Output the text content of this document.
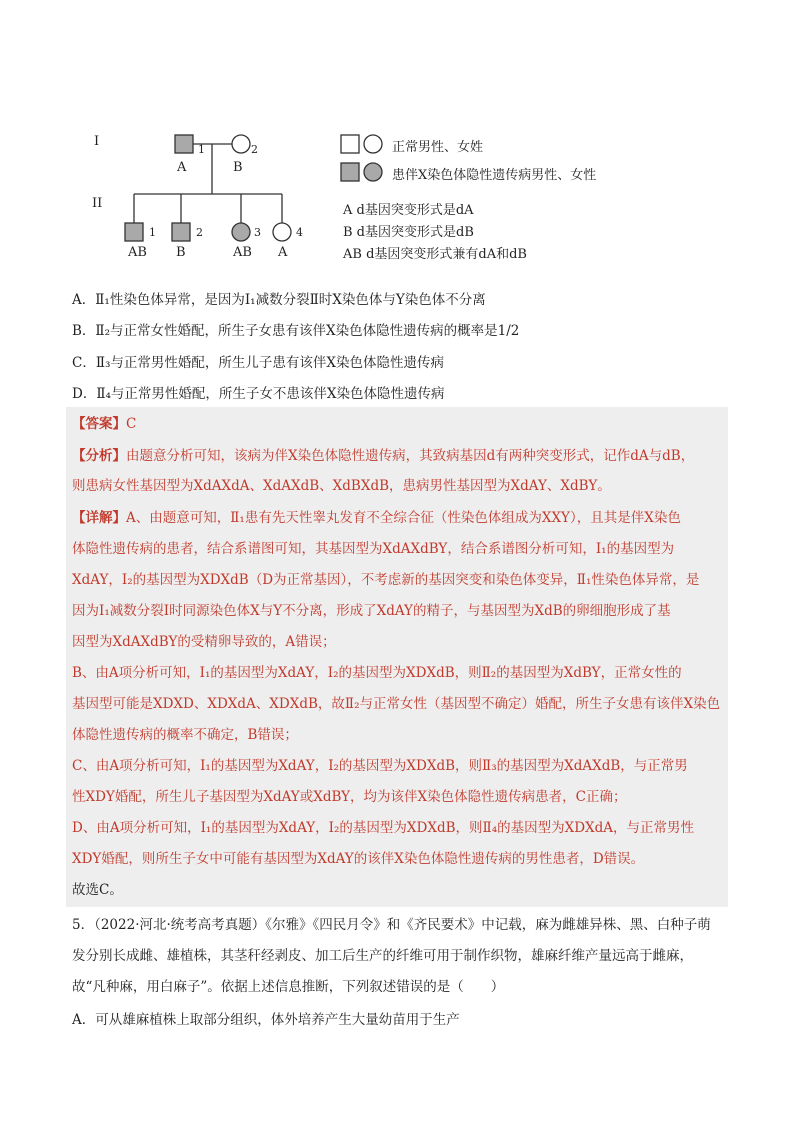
I
II
1
A
2
B
1
AB
2
B
3
AB
4
A
正常男性、女姓
患伴X染色体隐性遗传病男性、女性
A d基因突变形式是dA
B d基因突变形式是dB
AB d基因突变形式兼有dA和dB
A．Ⅱ₁性染色体异常，是因为Ⅰ₁减数分裂Ⅱ时X染色体与Y染色体不分离
B．Ⅱ₂与正常女性婚配，所生子女患有该伴X染色体隐性遗传病的概率是1/2
C．Ⅱ₃与正常男性婚配，所生儿子患有该伴X染色体隐性遗传病
D．Ⅱ₄与正常男性婚配，所生子女不患该伴X染色体隐性遗传病
【答案】C
【分析】由题意分析可知，该病为伴X染色体隐性遗传病，其致病基因d有两种突变形式，记作dA与dB，
则患病女性基因型为XdAXdA、XdAXdB、XdBXdB，患病男性基因型为XdAY、XdBY。
【详解】A、由题意可知，Ⅱ₁患有先天性睾丸发育不全综合征（性染色体组成为XXY），且其是伴X染色
体隐性遗传病的患者，结合系谱图可知，其基因型为XdAXdBY，结合系谱图分析可知，Ⅰ₁的基因型为
XdAY，Ⅰ₂的基因型为XDXdB（D为正常基因），不考虑新的基因突变和染色体变异，Ⅱ₁性染色体异常，是
因为Ⅰ₁减数分裂Ⅰ时同源染色体X与Y不分离，形成了XdAY的精子，与基因型为XdB的卵细胞形成了基
因型为XdAXdBY的受精卵导致的，A错误；
B、由A项分析可知，Ⅰ₁的基因型为XdAY，Ⅰ₂的基因型为XDXdB，则Ⅱ₂的基因型为XdBY，正常女性的
基因型可能是XDXD、XDXdA、XDXdB，故Ⅱ₂与正常女性（基因型不确定）婚配，所生子女患有该伴X染色
体隐性遗传病的概率不确定，B错误；
C、由A项分析可知，Ⅰ₁的基因型为XdAY，Ⅰ₂的基因型为XDXdB，则Ⅱ₃的基因型为XdAXdB，与正常男
性XDY婚配，所生儿子基因型为XdAY或XdBY，均为该伴X染色体隐性遗传病患者，C正确；
D、由A项分析可知，Ⅰ₁的基因型为XdAY，Ⅰ₂的基因型为XDXdB，则Ⅱ₄的基因型为XDXdA，与正常男性
XDY婚配，则所生子女中可能有基因型为XdAY的该伴X染色体隐性遗传病的男性患者，D错误。
故选C。
5．（2022·河北·统考高考真题）《尔雅》《四民月令》和《齐民要术》中记载，麻为雌雄异株、黑、白种子萌
发分别长成雌、雄植株，其茎秆经剥皮、加工后生产的纤维可用于制作织物，雄麻纤维产量远高于雌麻，
故“凡种麻，用白麻子”。依据上述信息推断，下列叙述错误的是（　　）
A．可从雄麻植株上取部分组织，体外培养产生大量幼苗用于生产
